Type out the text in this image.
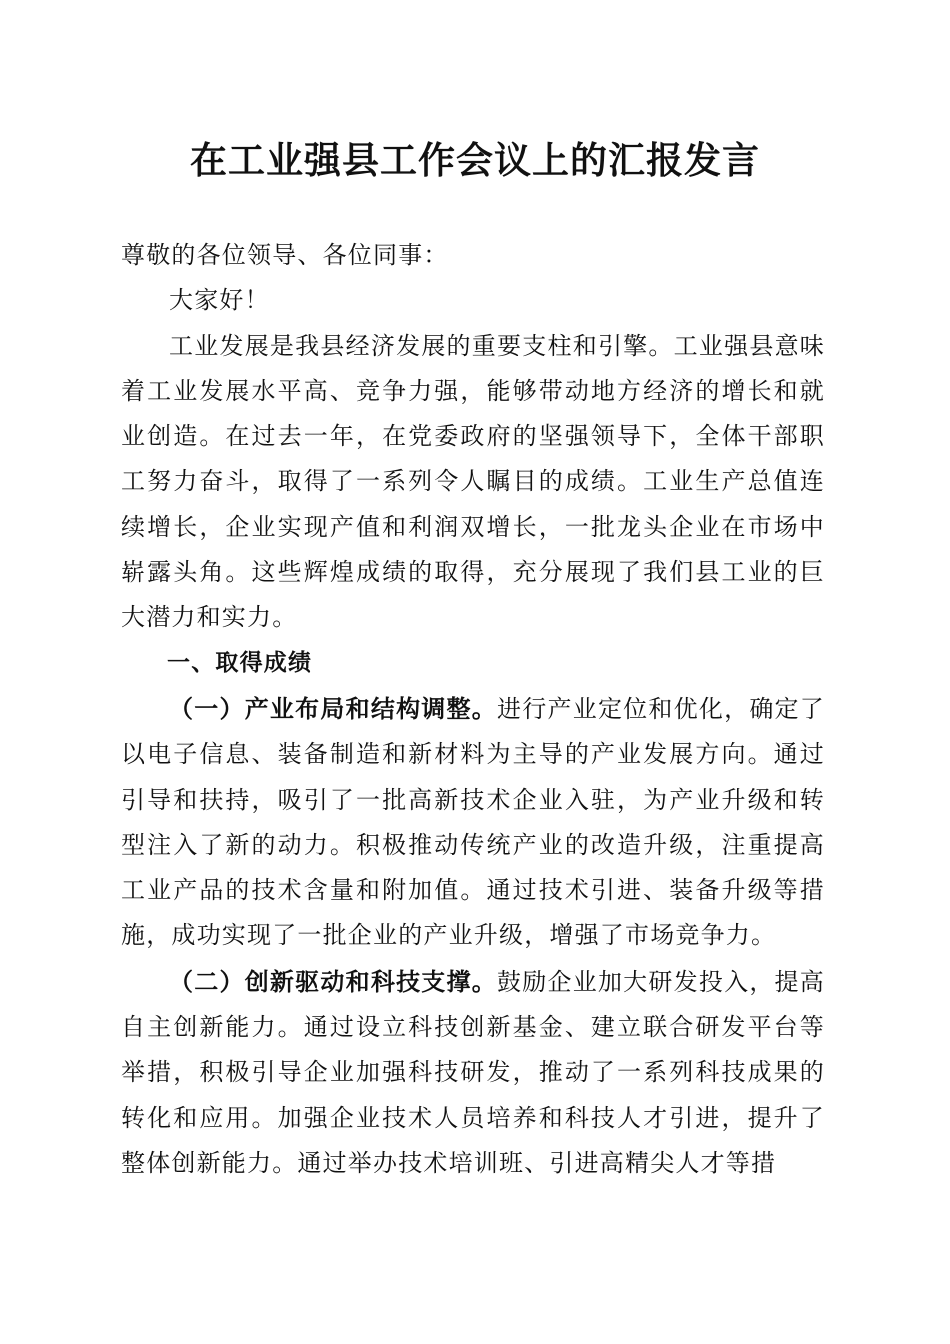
在工业强县工作会议上的汇报发言

尊敬的各位领导、各位同事：

大家好！

工业发展是我县经济发展的重要支柱和引擎。工业强县意味着工业发展水平高、竞争力强，能够带动地方经济的增长和就业创造。在过去一年，在党委政府的坚强领导下，全体干部职工努力奋斗，取得了一系列令人瞩目的成绩。工业生产总值连续增长，企业实现产值和利润双增长，一批龙头企业在市场中崭露头角。这些辉煌成绩的取得，充分展现了我们县工业的巨大潜力和实力。

一、取得成绩

（一）产业布局和结构调整。进行产业定位和优化，确定了以电子信息、装备制造和新材料为主导的产业发展方向。通过引导和扶持，吸引了一批高新技术企业入驻，为产业升级和转型注入了新的动力。积极推动传统产业的改造升级，注重提高工业产品的技术含量和附加值。通过技术引进、装备升级等措施，成功实现了一批企业的产业升级，增强了市场竞争力。

（二）创新驱动和科技支撑。鼓励企业加大研发投入，提高自主创新能力。通过设立科技创新基金、建立联合研发平台等举措，积极引导企业加强科技研发，推动了一系列科技成果的转化和应用。加强企业技术人员培养和科技人才引进，提升了整体创新能力。通过举办技术培训班、引进高精尖人才等措
